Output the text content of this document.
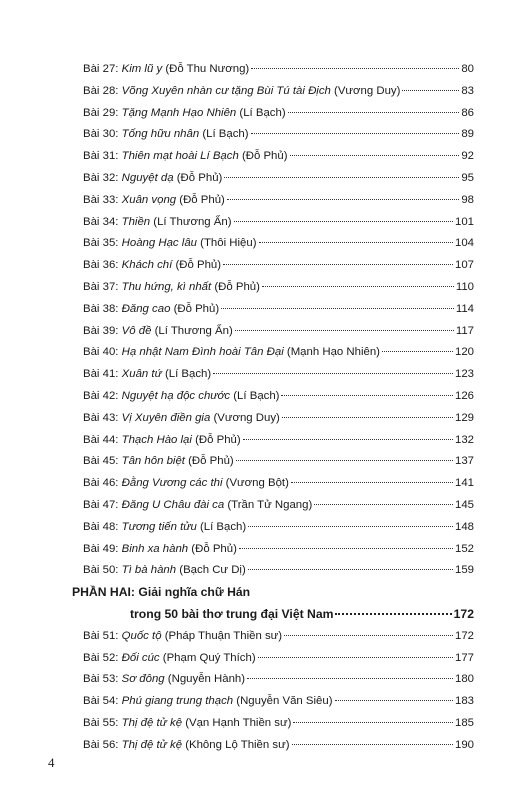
Bài 27: Kim lũ y (Đỗ Thu Nương)	80
Bài 28: Võng Xuyên nhàn cư tặng Bùi Tú tài Địch (Vương Duy)	83
Bài 29: Tặng Mạnh Hạo Nhiên (Lí Bạch)	86
Bài 30: Tống hữu nhân (Lí Bạch)	89
Bài 31: Thiên mạt hoài Lí Bạch (Đỗ Phủ)	92
Bài 32: Nguyệt dạ (Đỗ Phủ)	95
Bài 33: Xuân vọng (Đỗ Phủ)	98
Bài 34: Thiền (Lí Thương Ẩn)	101
Bài 35: Hoàng Hạc lâu (Thôi Hiệu)	104
Bài 36: Khách chí (Đỗ Phủ)	107
Bài 37: Thu hứng, kì nhất (Đỗ Phủ)	110
Bài 38: Đăng cao (Đỗ Phủ)	114
Bài 39: Vô đề (Lí Thương Ẩn)	117
Bài 40: Hạ nhật Nam Đình hoài Tân Đại (Mạnh Hạo Nhiên)	120
Bài 41: Xuân tứ (Lí Bạch)	123
Bài 42: Nguyệt hạ độc chước (Lí Bạch)	126
Bài 43: Vị Xuyên điền gia (Vương Duy)	129
Bài 44: Thạch Hào lại (Đỗ Phủ)	132
Bài 45: Tân hôn biệt (Đỗ Phủ)	137
Bài 46: Đằng Vương các thi (Vương Bột)	141
Bài 47: Đăng U Châu đài ca (Trần Tử Ngang)	145
Bài 48: Tương tiến tửu (Lí Bạch)	148
Bài 49: Binh xa hành (Đỗ Phủ)	152
Bài 50: Tì bà hành (Bạch Cư Dị)	159
PHẦN HAI: Giải nghĩa chữ Hán
trong 50 bài thơ trung đại Việt Nam	172
Bài 51: Quốc tộ (Pháp Thuận Thiền sư)	172
Bài 52: Đối cúc (Phạm Quý Thích)	177
Bài 53: Sơ đông (Nguyễn Hành)	180
Bài 54: Phú giang trung thạch (Nguyễn Văn Siêu)	183
Bài 55: Thị đệ tử kệ (Vạn Hạnh Thiền sư)	185
Bài 56: Thị đệ tử kệ (Không Lộ Thiền sư)	190
4
